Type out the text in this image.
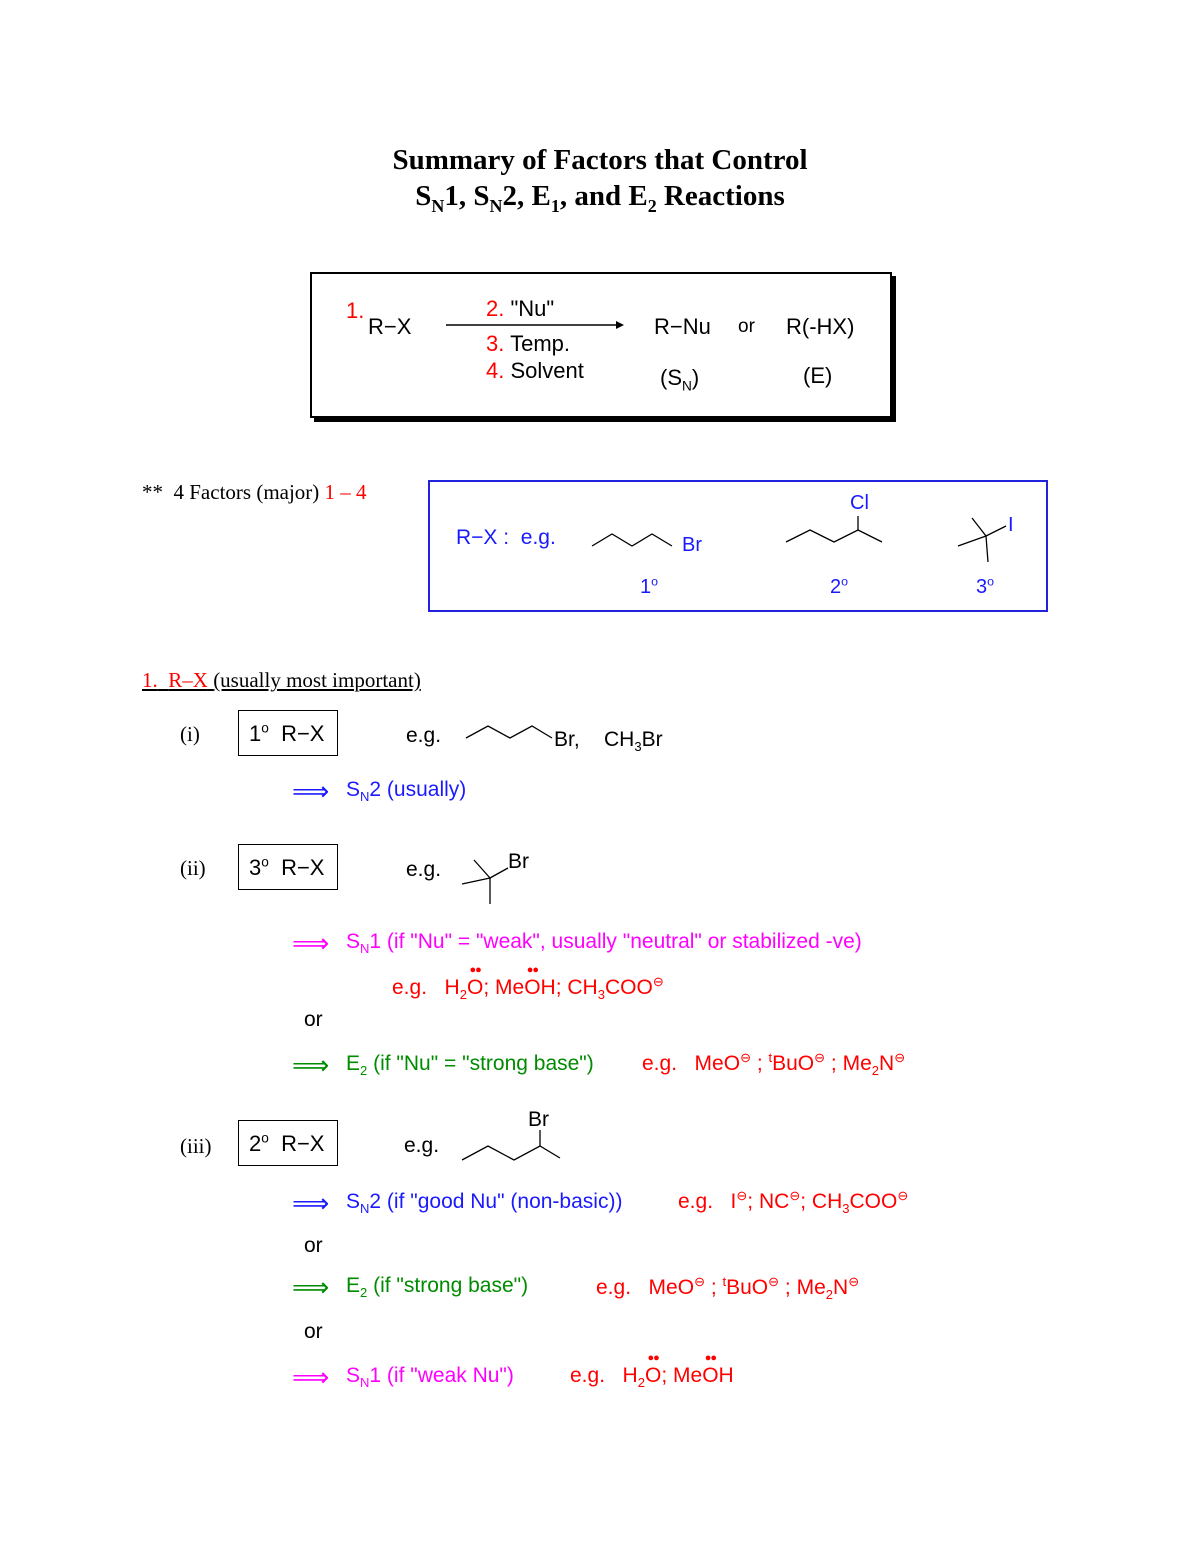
Summary of Factors that Control
$S_N1$, $S_N2$, $E_1$, and $E_2$ Reactions
1.
R−X
2. "Nu"
3. Temp.
4. Solvent
R−Nu or R(-HX)
$(S_N)$	(E)
** 4 Factors (major) 1 – 4
R−X : e.g.	Br
1$^o$
Cl
2$^o$
I
3$^o$
1. R–X (usually most important)
(i)	1$^o$ R−X	e.g.	Br, $CH_3Br$
⟹ $S_N2$ (usually)
(ii)	3$^o$ R−X	e.g.	Br
⟹ $S_N1$ (if "Nu" = "weak", usually "neutral" or stabilized -ve)
e.g. $H_2$
●●
O; Me
●●
OH; $CH_3COO^⊖$
or
⟹ $E_2$ (if "Nu" = "strong base") e.g. MeO⊖ ; $^t$BuO⊖ ; $Me_2N^⊖$
(iii)	2$^o$ R−X	e.g.
Br
⟹ $S_N2$ (if "good Nu" (non-basic))	e.g. I⊖; NC⊖; $CH_3COO^⊖$
or
⟹ $E_2$ (if "strong base")	e.g. MeO⊖ ; $^t$BuO⊖ ; $Me_2N^⊖$
or
⟹ $S_N1$ (if "weak Nu")	e.g. $H_2$
●●
O; Me
●●
OH
